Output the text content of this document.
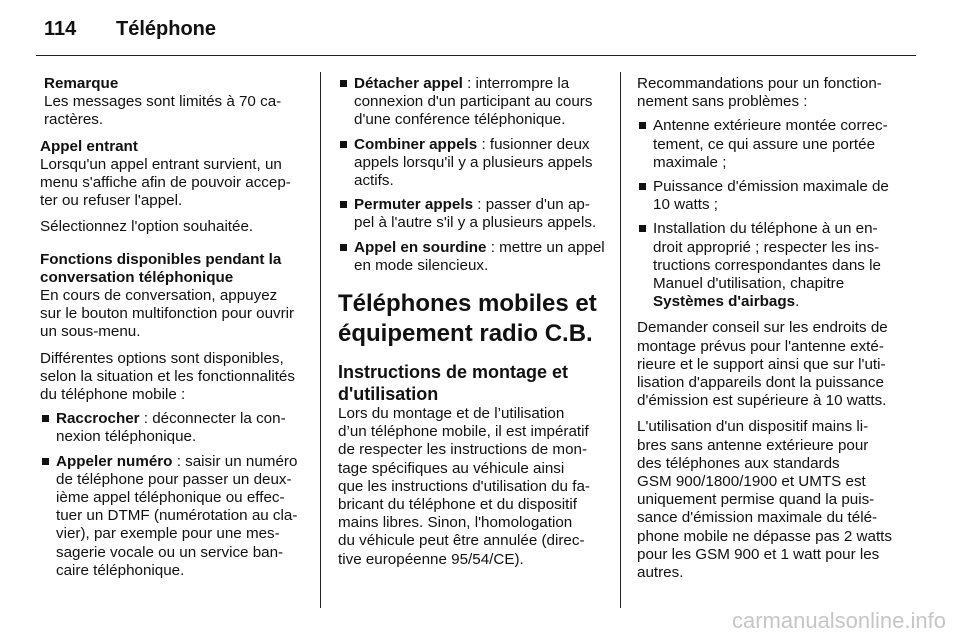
114 Téléphone

Remarque

Les messages sont limités à 70 ca-
ractères.

Appel entrant

Lorsqu'un appel entrant survient, un
menu s'affiche afin de pouvoir accep-
ter ou refuser l'appel.

Sélectionnez l'option souhaitée.

Fonctions disponibles pendant la
conversation téléphonique

En cours de conversation, appuyez
sur le bouton multifonction pour ouvrir
un sous-menu.

Différentes options sont disponibles,
selon la situation et les fonctionnalités
du téléphone mobile :

Raccrocher : déconnecter la con-
nexion téléphonique.
Appeler numéro : saisir un numéro
de téléphone pour passer un deux-
ième appel téléphonique ou effec-
tuer un DTMF (numérotation au cla-
vier), par exemple pour une mes-
sagerie vocale ou un service ban-
caire téléphonique.
Détacher appel : interrompre la
connexion d'un participant au cours
d'une conférence téléphonique.
Combiner appels : fusionner deux
appels lorsqu'il y a plusieurs appels
actifs.
Permuter appels : passer d'un ap-
pel à l'autre s'il y a plusieurs appels.
Appel en sourdine : mettre un appel
en mode silencieux.

Téléphones mobiles et
équipement radio C.B.

Instructions de montage et
d'utilisation

Lors du montage et de l’utilisation
d’un téléphone mobile, il est impératif
de respecter les instructions de mon-
tage spécifiques au véhicule ainsi
que les instructions d'utilisation du fa-
bricant du téléphone et du dispositif
mains libres. Sinon, l'homologation
du véhicule peut être annulée (direc-
tive européenne 95/54/CE).

Recommandations pour un fonction-
nement sans problèmes :

Antenne extérieure montée correc-
tement, ce qui assure une portée
maximale ;
Puissance d'émission maximale de
10 watts ;
Installation du téléphone à un en-
droit approprié ; respecter les ins-
tructions correspondantes dans le
Manuel d'utilisation, chapitre
Systèmes d'airbags.

Demander conseil sur les endroits de
montage prévus pour l'antenne exté-
rieure et le support ainsi que sur l'uti-
lisation d'appareils dont la puissance
d'émission est supérieure à 10 watts.

L'utilisation d'un dispositif mains li-
bres sans antenne extérieure pour
des téléphones aux standards
GSM 900/1800/1900 et UMTS est
uniquement permise quand la puis-
sance d'émission maximale du télé-
phone mobile ne dépasse pas 2 watts
pour les GSM 900 et 1 watt pour les
autres.

carmanualsonline.info
